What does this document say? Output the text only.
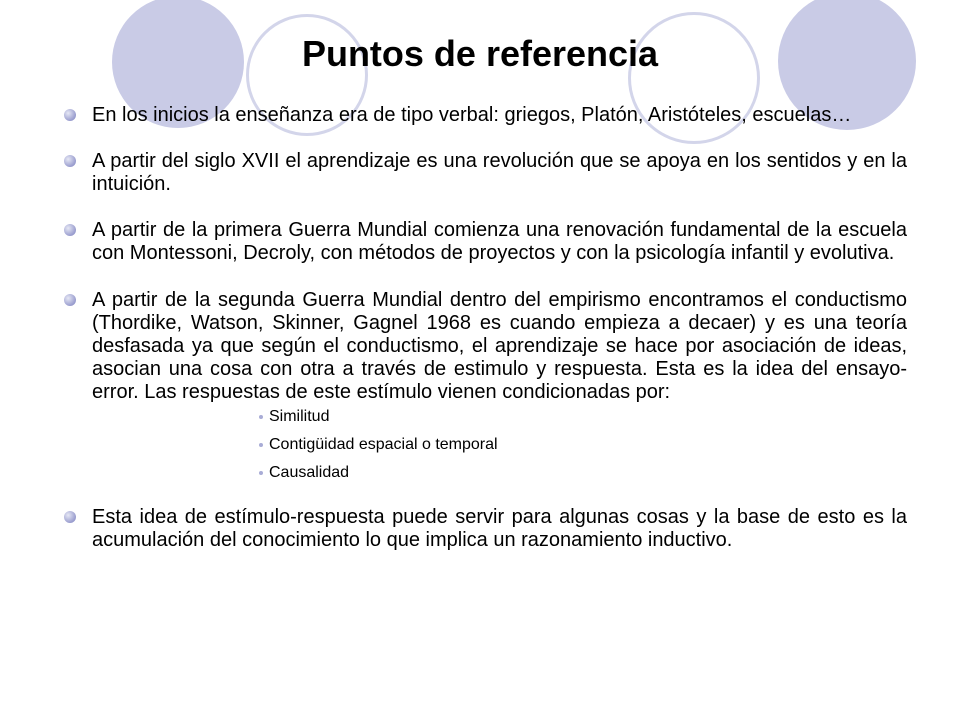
Puntos de referencia
En los inicios la enseñanza era de tipo verbal: griegos, Platón, Aristóteles, escuelas…
A partir del siglo XVII el aprendizaje es una revolución que se apoya en los sentidos y en la intuición.
A partir de la primera Guerra Mundial comienza una renovación fundamental de la escuela con Montessoni, Decroly, con métodos de proyectos y con la psicología infantil y evolutiva.
A partir de la segunda Guerra Mundial dentro del empirismo encontramos el conductismo (Thordike, Watson, Skinner, Gagnel 1968 es cuando empieza a decaer) y es una teoría desfasada ya que según el conductismo, el aprendizaje se hace por asociación de ideas, asocian una cosa con otra a través de estimulo y respuesta. Esta es la idea del ensayo-error. Las respuestas de este estímulo vienen condicionadas por:
Similitud
Contigüidad espacial o temporal
Causalidad
Esta idea de estímulo-respuesta puede servir para algunas cosas y la base de esto es la acumulación del conocimiento lo que implica un razonamiento inductivo.
